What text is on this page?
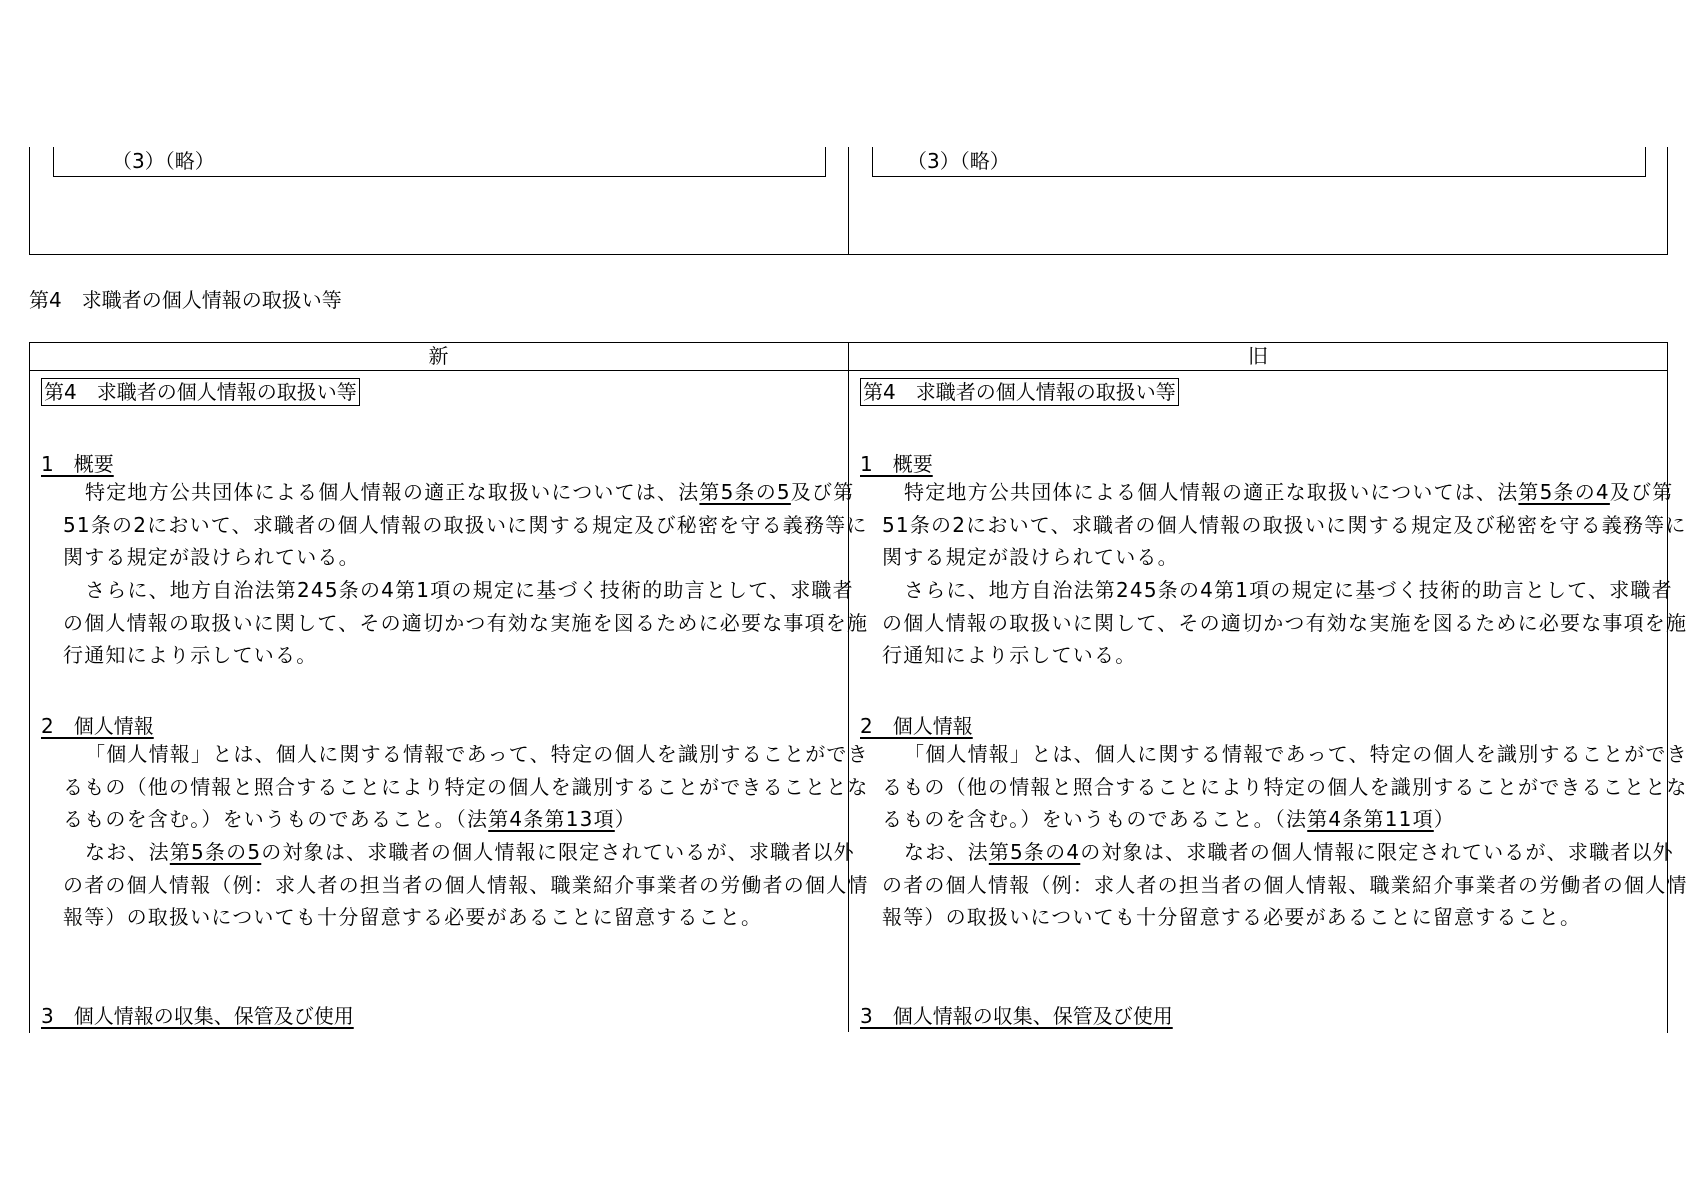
（3）（略）	（3）（略）
第4　求職者の個人情報の取扱い等
新	旧
第4　求職者の個人情報の取扱い等
1　概要
特定地方公共団体による個人情報の適正な取扱いについては、法第5条の5及び第51条の2において、求職者の個人情報の取扱いに関する規定及び秘密を守る義務等に関する規定が設けられている。
さらに、地方自治法第245条の4第1項の規定に基づく技術的助言として、求職者の個人情報の取扱いに関して、その適切かつ有効な実施を図るために必要な事項を施行通知により示している。
2　個人情報
「個人情報」とは、個人に関する情報であって、特定の個人を識別することができるもの（他の情報と照合することにより特定の個人を識別することができることとなるものを含む。）をいうものであること。（法第4条第13項）
なお、法第5条の5の対象は、求職者の個人情報に限定されているが、求職者以外の者の個人情報（例：求人者の担当者の個人情報、職業紹介事業者の労働者の個人情報等）の取扱いについても十分留意する必要があることに留意すること。
3　個人情報の収集、保管及び使用
第4　求職者の個人情報の取扱い等
1　概要
特定地方公共団体による個人情報の適正な取扱いについては、法第5条の4及び第51条の2において、求職者の個人情報の取扱いに関する規定及び秘密を守る義務等に関する規定が設けられている。
さらに、地方自治法第245条の4第1項の規定に基づく技術的助言として、求職者の個人情報の取扱いに関して、その適切かつ有効な実施を図るために必要な事項を施行通知により示している。
2　個人情報
「個人情報」とは、個人に関する情報であって、特定の個人を識別することができるもの（他の情報と照合することにより特定の個人を識別することができることとなるものを含む。）をいうものであること。（法第4条第11項）
なお、法第5条の4の対象は、求職者の個人情報に限定されているが、求職者以外の者の個人情報（例：求人者の担当者の個人情報、職業紹介事業者の労働者の個人情報等）の取扱いについても十分留意する必要があることに留意すること。
3　個人情報の収集、保管及び使用
